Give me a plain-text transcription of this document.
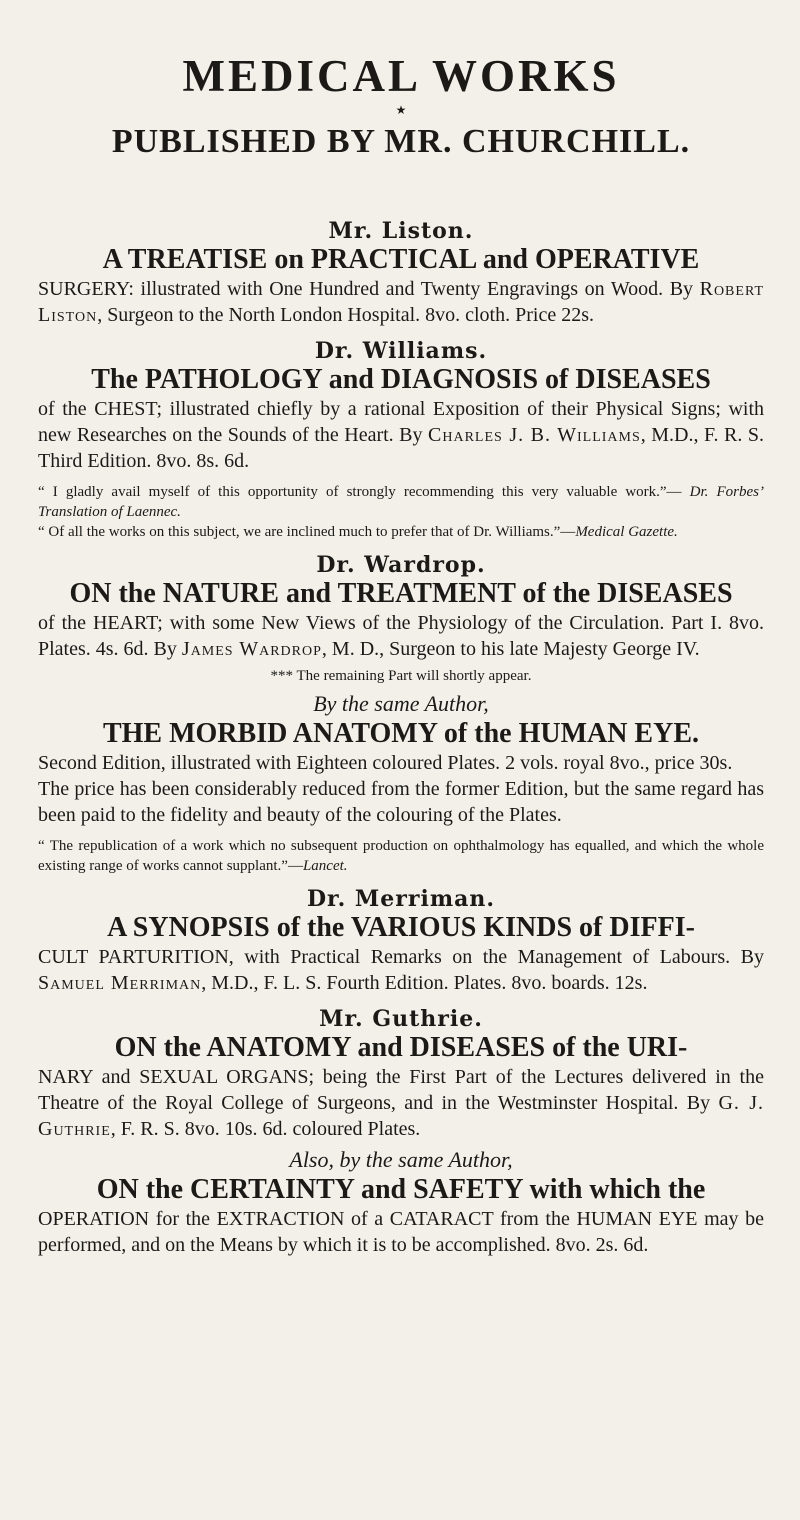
MEDICAL WORKS
★
PUBLISHED BY MR. CHURCHILL.
Mr. Liston.
A TREATISE on PRACTICAL and OPERATIVE
SURGERY: illustrated with One Hundred and Twenty Engravings on Wood. By Robert Liston, Surgeon to the North London Hospital. 8vo. cloth. Price 22s.
Dr. Williams.
The PATHOLOGY and DIAGNOSIS of DISEASES
of the CHEST; illustrated chiefly by a rational Exposition of their Physical Signs; with new Researches on the Sounds of the Heart. By Charles J. B. Williams, M.D., F. R. S. Third Edition. 8vo. 8s. 6d.
“ I gladly avail myself of this opportunity of strongly recommending this very valuable work.”— Dr. Forbes’ Translation of Laennec.
“ Of all the works on this subject, we are inclined much to prefer that of Dr. Williams.”—Medical Gazette.
Dr. Wardrop.
ON the NATURE and TREATMENT of the DISEASES
of the HEART; with some New Views of the Physiology of the Circulation. Part I. 8vo. Plates. 4s. 6d. By James Wardrop, M. D., Surgeon to his late Majesty George IV.
*** The remaining Part will shortly appear.
By the same Author,
THE MORBID ANATOMY of the HUMAN EYE.

Second Edition, illustrated with Eighteen coloured Plates. 2 vols. royal 8vo., price 30s.

The price has been considerably reduced from the former Edition, but the same regard has been paid to the fidelity and beauty of the colouring of the Plates.

“ The republication of a work which no subsequent production on ophthalmology has equalled, and which the whole existing range of works cannot supplant.”—Lancet.
Dr. Merriman.
A SYNOPSIS of the VARIOUS KINDS of DIFFI-
CULT PARTURITION, with Practical Remarks on the Management of Labours. By Samuel Merriman, M.D., F. L. S. Fourth Edition. Plates. 8vo. boards. 12s.
Mr. Guthrie.
ON the ANATOMY and DISEASES of the URI-
NARY and SEXUAL ORGANS; being the First Part of the Lectures delivered in the Theatre of the Royal College of Surgeons, and in the Westminster Hospital. By G. J. Guthrie, F. R. S. 8vo. 10s. 6d. coloured Plates.
Also, by the same Author,
ON the CERTAINTY and SAFETY with which the
OPERATION for the EXTRACTION of a CATARACT from the HUMAN EYE may be performed, and on the Means by which it is to be accomplished. 8vo. 2s. 6d.
